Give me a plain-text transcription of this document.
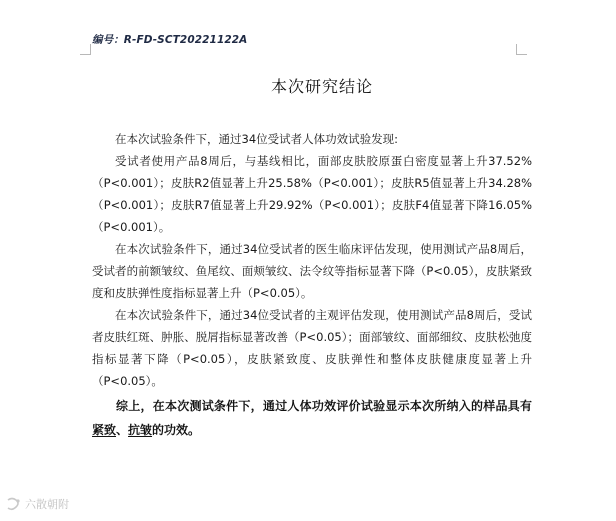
编号：R-FD-SCT20221122A
本次研究结论

在本次试验条件下，通过34位受试者人体功效试验发现:

受试者使用产品8周后，与基线相比，面部皮肤胶原蛋白密度显著上升37.52%（P<0.001）；皮肤R2值显著上升25.58%（P<0.001）；皮肤R5值显著上升34.28%（P<0.001）；皮肤R7值显著上升29.92%（P<0.001）；皮肤F4值显著下降16.05%（P<0.001）。

在本次试验条件下，通过34位受试者的医生临床评估发现，使用测试产品8周后，受试者的前额皱纹、鱼尾纹、面颊皱纹、法令纹等指标显著下降（P<0.05），皮肤紧致度和皮肤弹性度指标显著上升（P<0.05）。

在本次试验条件下，通过34位受试者的主观评估发现，使用测试产品8周后，受试者皮肤红斑、肿胀、脱屑指标显著改善（P<0.05）；面部皱纹、面部细纹、皮肤松弛度指标显著下降（P<0.05），皮肤紧致度、皮肤弹性和整体皮肤健康度显著上升（P<0.05）。

综上，在本次测试条件下，通过人体功效评价试验显示本次所纳入的样品具有紧致、抗皱的功效。

六散朝附
